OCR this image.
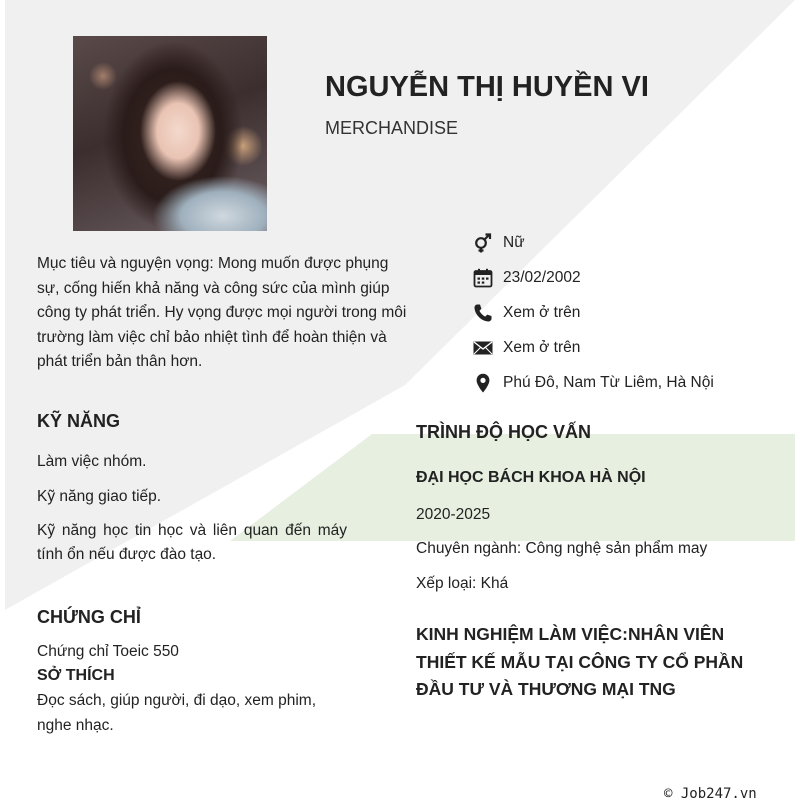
NGUYỄN THỊ HUYỀN VI
MERCHANDISE
Nữ
23/02/2002
Xem ở trên
Xem ở trên
Phú Đô, Nam Từ Liêm, Hà Nội
Mục tiêu và nguyện vọng: Mong muốn được phụng sự, cống hiến khả năng và công sức của mình giúp công ty phát triển. Hy vọng được mọi người trong môi trường làm việc chỉ bảo nhiệt tình để hoàn thiện và phát triển bản thân hơn.
KỸ NĂNG
Làm việc nhóm.
Kỹ năng giao tiếp.
Kỹ năng học tin học và liên quan đến máy tính ổn nếu được đào tạo.
CHỨNG CHỈ
Chứng chỉ Toeic 550
SỞ THÍCH
Đọc sách, giúp người, đi dạo, xem phim, nghe nhạc.
TRÌNH ĐỘ HỌC VẤN
ĐẠI HỌC BÁCH KHOA HÀ NỘI
2020-2025
Chuyên ngành: Công nghệ sản phẩm may
Xếp loại: Khá
KINH NGHIỆM LÀM VIỆC:NHÂN VIÊN THIẾT KẾ MẪU TẠI CÔNG TY CỔ PHẦN ĐẦU TƯ VÀ THƯƠNG MẠI TNG
© Job247.vn
